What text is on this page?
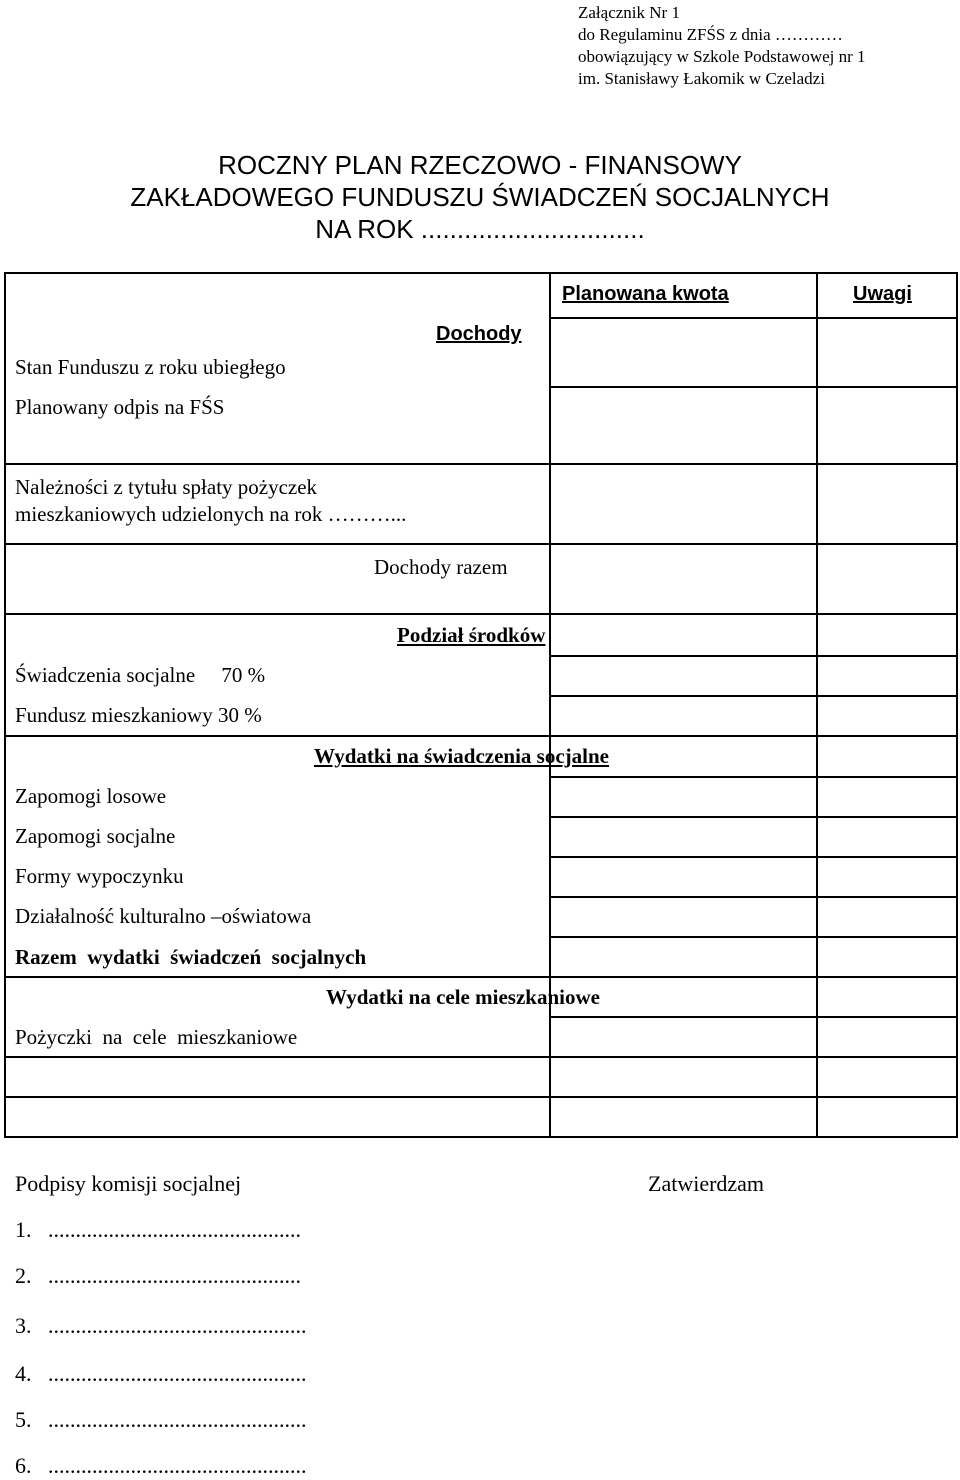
Załącznik Nr 1
do Regulaminu ZFŚS z dnia …………
obowiązujący w Szkole Podstawowej nr 1
im. Stanisławy Łakomik w Czeladzi
ROCZNY PLAN RZECZOWO - FINANSOWY
ZAKŁADOWEGO FUNDUSZU ŚWIADCZEŃ SOCJALNYCH
NA ROK ...............................
Planowana kwota	Uwagi
Dochody
Stan Funduszu z roku ubiegłego
Planowany odpis na FŚS
Należności z tytułu spłaty pożyczek
mieszkaniowych udzielonych na rok ………...
Dochody razem
Podział środków
Świadczenia socjalne     70 %
Fundusz mieszkaniowy 30 %
Wydatki na świadczenia socjalne
Zapomogi losowe
Zapomogi socjalne
Formy wypoczynku
Działalność kulturalno –oświatowa
Razem  wydatki  świadczeń  socjalnych
Wydatki na cele mieszkaniowe
Pożyczki  na  cele  mieszkaniowe
Podpisy komisji socjalnej	Zatwierdzam
1.   ..............................................
2.   ..............................................
3.   ...............................................
4.   ...............................................
5.   ...............................................
6.   ...............................................
